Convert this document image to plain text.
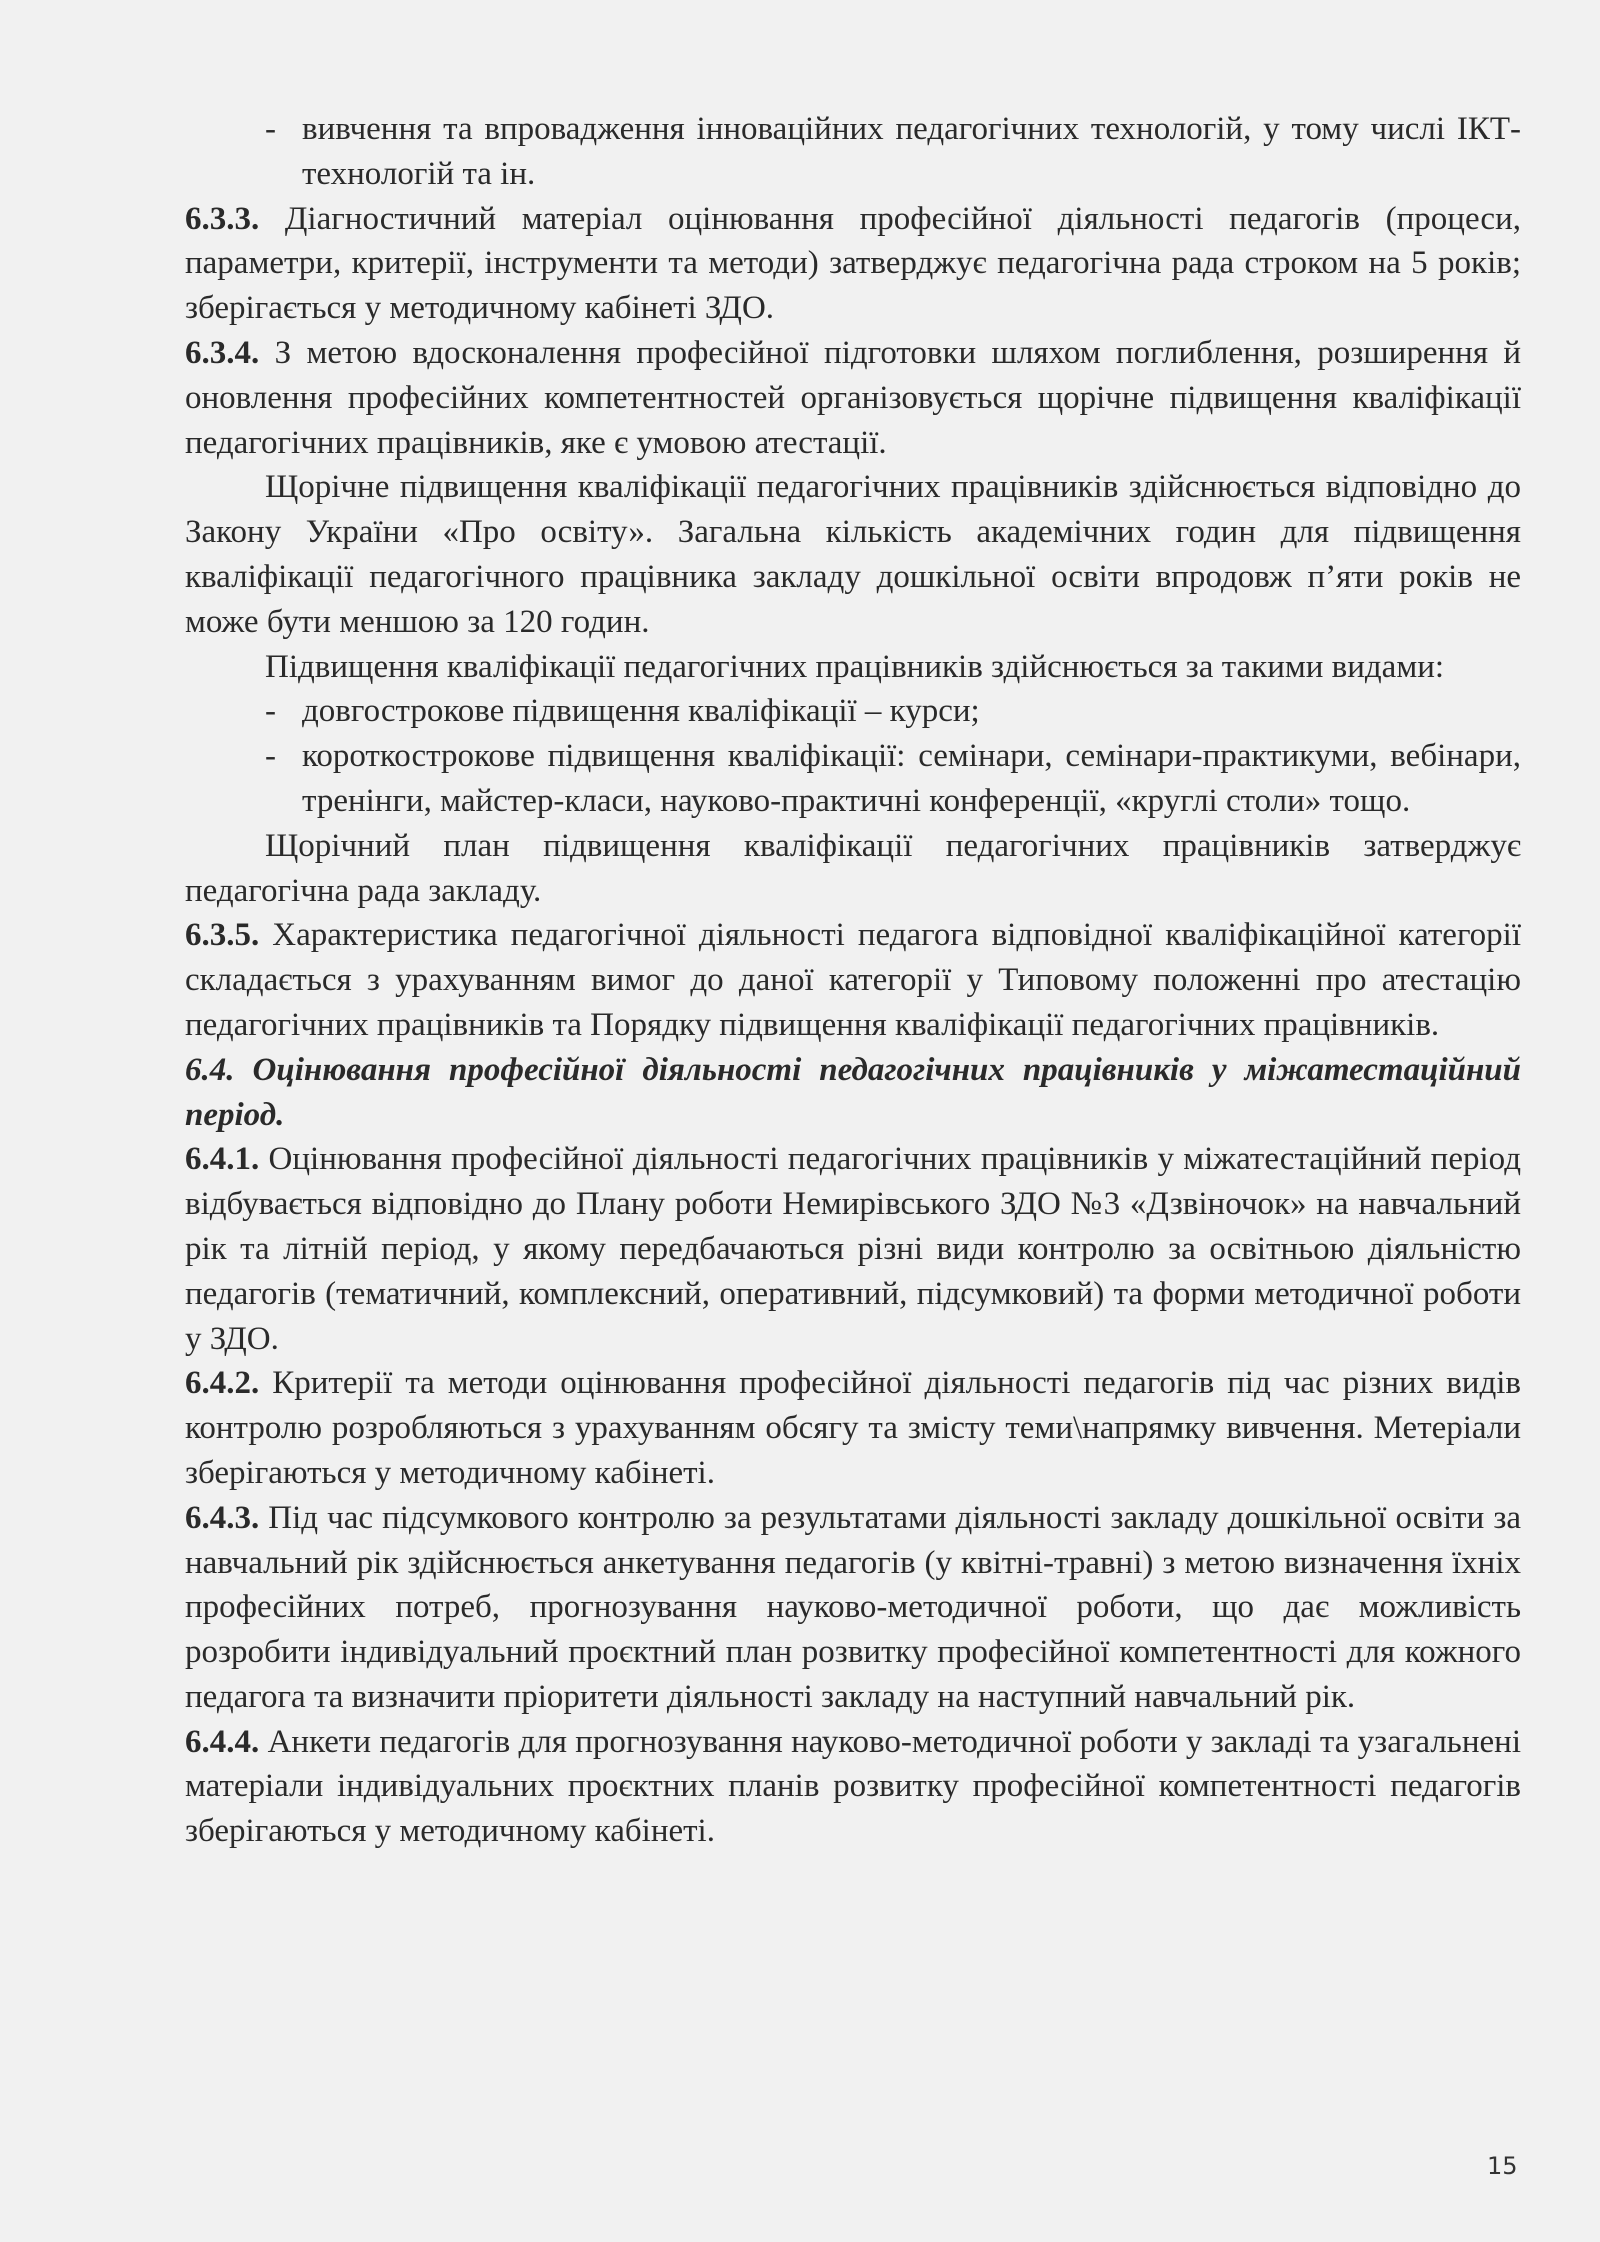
- вивчення та впровадження інноваційних педагогічних технологій, у тому числі ІКТ-технологій та ін.

6.3.3. Діагностичний матеріал оцінювання професійної діяльності педагогів (процеси, параметри, критерії, інструменти та методи) затверджує педагогічна рада строком на 5 років; зберігається у методичному кабінеті ЗДО.

6.3.4. З метою вдосконалення професійної підготовки шляхом поглиблення, розширення й оновлення професійних компетентностей організовується щорічне підвищення кваліфікації педагогічних працівників, яке є умовою атестації.

Щорічне підвищення кваліфікації педагогічних працівників здійснюється відповідно до Закону України «Про освіту». Загальна кількість академічних годин для підвищення кваліфікації педагогічного працівника закладу дошкільної освіти впродовж п’яти років не може бути меншою за 120 годин.

Підвищення кваліфікації педагогічних працівників здійснюється за такими видами:

- довгострокове підвищення кваліфікації – курси;

- короткострокове підвищення кваліфікації: семінари, семінари-практикуми, вебінари, тренінги, майстер-класи, науково-практичні конференції, «круглі столи» тощо.

Щорічний план підвищення кваліфікації педагогічних працівників затверджує педагогічна рада закладу.

6.3.5. Характеристика педагогічної діяльності педагога відповідної кваліфікаційної категорії складається з урахуванням вимог до даної категорії у Типовому положенні про атестацію педагогічних працівників та Порядку підвищення кваліфікації педагогічних працівників.

6.4. Оцінювання професійної діяльності педагогічних працівників у міжатестаційний період.

6.4.1. Оцінювання професійної діяльності педагогічних працівників у міжатестаційний період відбувається відповідно до Плану роботи Немирівського ЗДО №3 «Дзвіночок» на навчальний рік та літній період, у якому передбачаються різні види контролю за освітньою діяльністю педагогів (тематичний, комплексний, оперативний, підсумковий) та форми методичної роботи у ЗДО.

6.4.2. Критерії та методи оцінювання професійної діяльності педагогів під час різних видів контролю розробляються з урахуванням обсягу та змісту теми\напрямку вивчення. Метеріали зберігаються у методичному кабінеті.

6.4.3. Під час підсумкового контролю за результатами діяльності закладу дошкільної освіти за навчальний рік здійснюється анкетування педагогів (у квітні-травні) з метою визначення їхніх професійних потреб, прогнозування науково-методичної роботи, що дає можливість розробити індивідуальний проєктний план розвитку професійної компетентності для кожного педагога та визначити пріоритети діяльності закладу на наступний навчальний рік.

6.4.4. Анкети педагогів для прогнозування науково-методичної роботи у закладі та узагальнені матеріали індивідуальних проєктних планів розвитку професійної компетентності педагогів зберігаються у методичному кабінеті.

15
